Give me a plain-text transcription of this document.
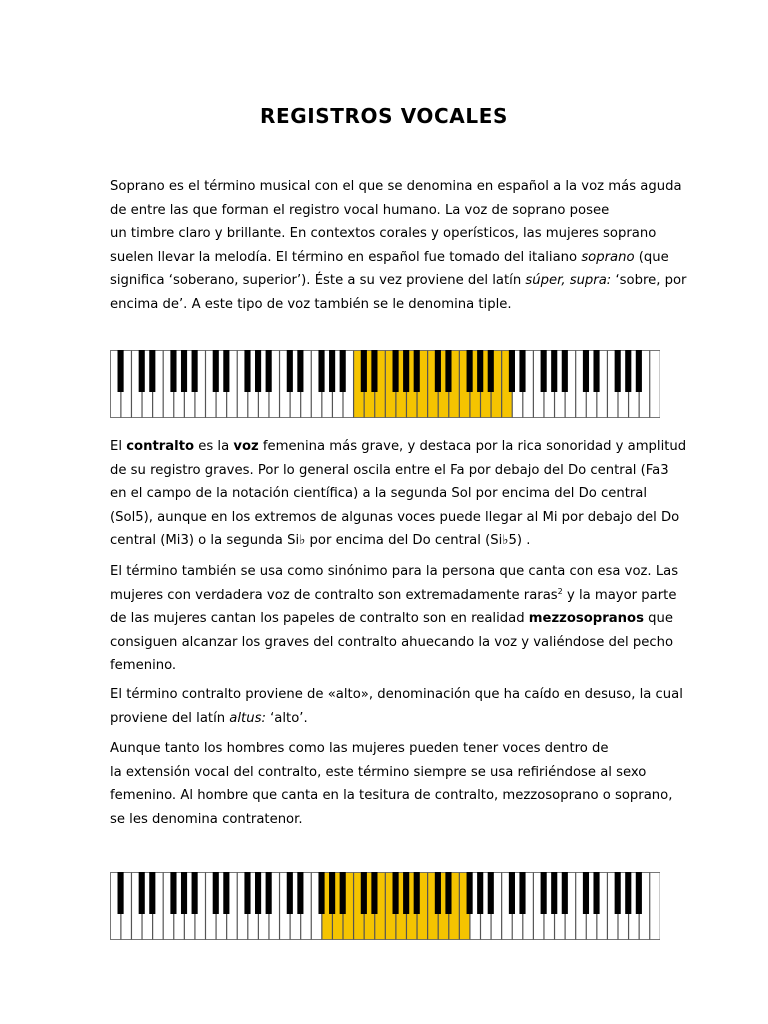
REGISTROS VOCALES

Soprano es el término musical con el que se denomina en español a la voz más aguda
de entre las que forman el registro vocal humano. La voz de soprano posee
un timbre claro y brillante. En contextos corales y operísticos, las mujeres soprano
suelen llevar la melodía. El término en español fue tomado del italiano soprano (que
significa ‘soberano, superior’). Éste a su vez proviene del latín súper, supra: ‘sobre, por
encima de’. A este tipo de voz también se le denomina tiple.

El contralto es la voz femenina más grave, y destaca por la rica sonoridad y amplitud
de su registro graves. Por lo general oscila entre el Fa por debajo del Do central (Fa3
en el campo de la notación científica) a la segunda Sol por encima del Do central
(Sol5), aunque en los extremos de algunas voces puede llegar al Mi por debajo del Do
central (Mi3) o la segunda Si♭ por encima del Do central (Si♭5) .

El término también se usa como sinónimo para la persona que canta con esa voz. Las
mujeres con verdadera voz de contralto son extremadamente raras$^2$ y la mayor parte
de las mujeres cantan los papeles de contralto son en realidad mezzosopranos que
consiguen alcanzar los graves del contralto ahuecando la voz y valiéndose del pecho
femenino.

El término contralto proviene de «alto», denominación que ha caído en desuso, la cual
proviene del latín altus: ‘alto’.

Aunque tanto los hombres como las mujeres pueden tener voces dentro de
la extensión vocal del contralto, este término siempre se usa refiriéndose al sexo
femenino. Al hombre que canta en la tesitura de contralto, mezzosoprano o soprano,
se les denomina contratenor.
